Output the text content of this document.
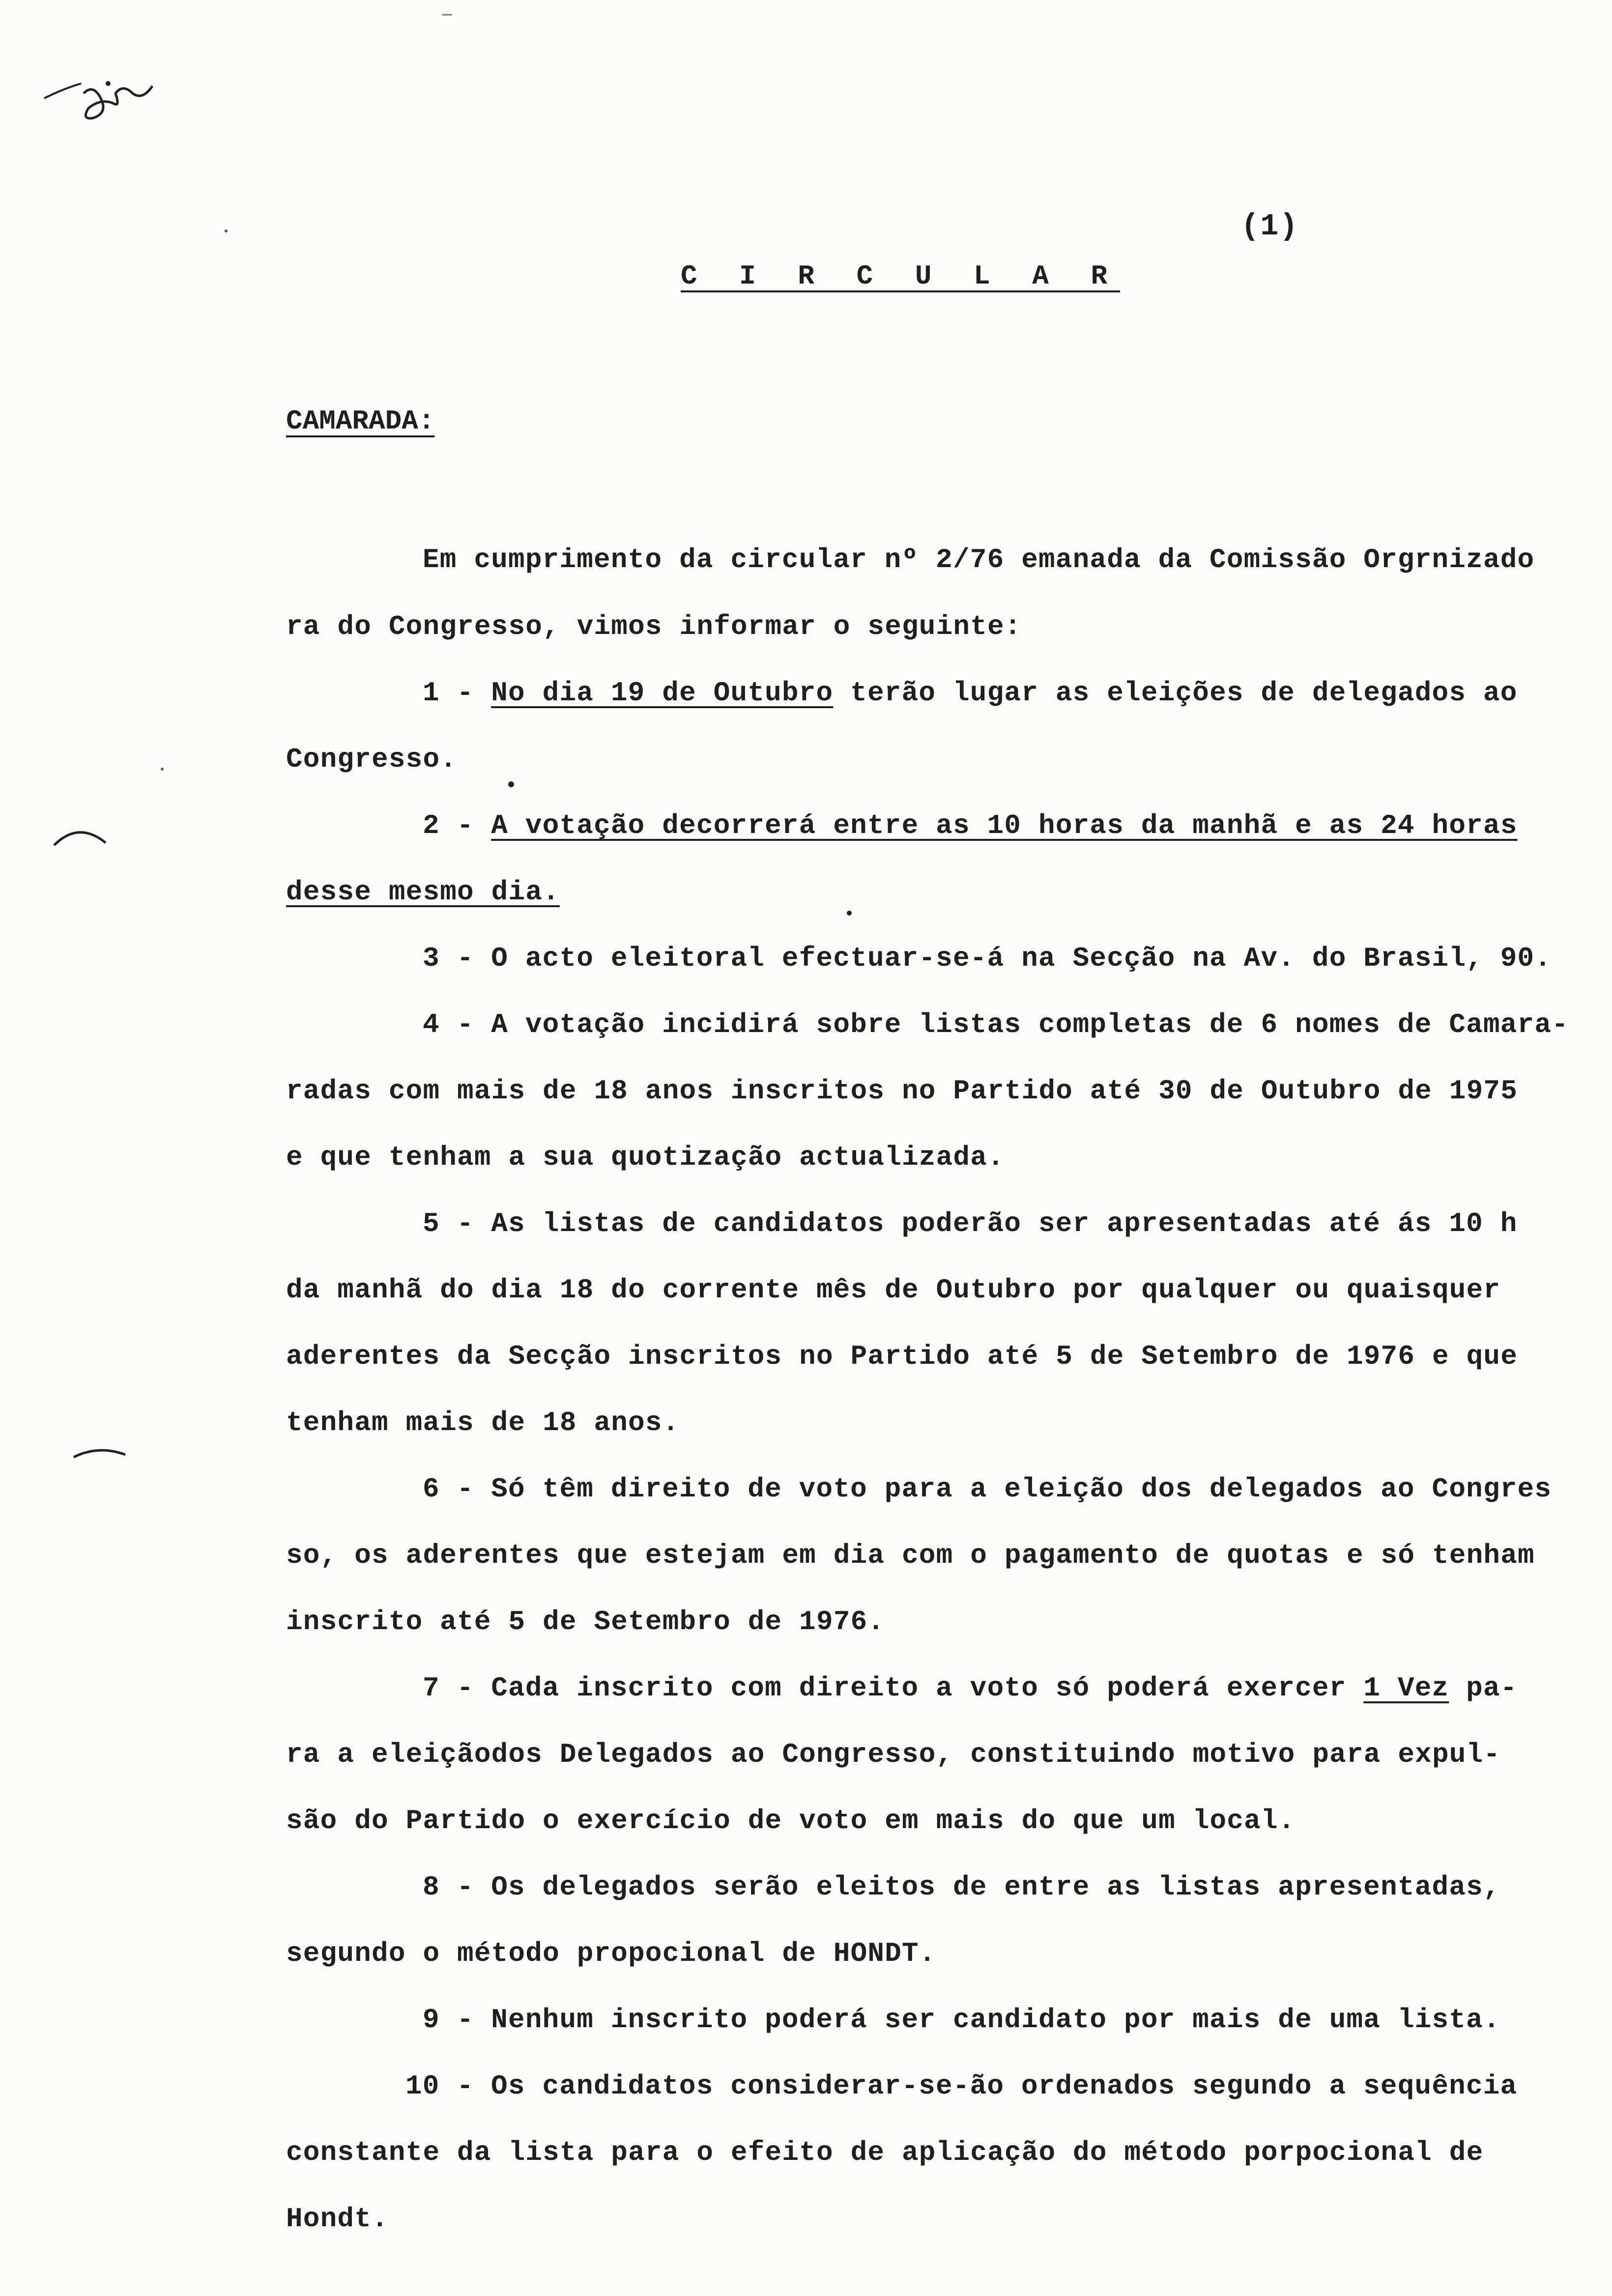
(1)
C I R C U L A R
CAMARADA:
Em cumprimento da circular nº 2/76 emanada da Comissão Orgrnizado
ra do Congresso, vimos informar o seguinte:
1 - No dia 19 de Outubro terão lugar as eleições de delegados ao
Congresso.
2 - A votação decorrerá entre as 10 horas da manhã e as 24 horas
desse mesmo dia.
3 - O acto eleitoral efectuar-se-á na Secção na Av. do Brasil, 90.
4 - A votação incidirá sobre listas completas de 6 nomes de Camara-
radas com mais de 18 anos inscritos no Partido até 30 de Outubro de 1975
e que tenham a sua quotização actualizada.
5 - As listas de candidatos poderão ser apresentadas até ás 10 h
da manhã do dia 18 do corrente mês de Outubro por qualquer ou quaisquer
aderentes da Secção inscritos no Partido até 5 de Setembro de 1976 e que
tenham mais de 18 anos.
6 - Só têm direito de voto para a eleição dos delegados ao Congres
so, os aderentes que estejam em dia com o pagamento de quotas e só tenham
inscrito até 5 de Setembro de 1976.
7 - Cada inscrito com direito a voto só poderá exercer 1 Vez pa-
ra a eleiçãodos Delegados ao Congresso, constituindo motivo para expul-
são do Partido o exercício de voto em mais do que um local.
8 - Os delegados serão eleitos de entre as listas apresentadas,
segundo o método propocional de HONDT.
9 - Nenhum inscrito poderá ser candidato por mais de uma lista.
10 - Os candidatos considerar-se-ão ordenados segundo a sequência
constante da lista para o efeito de aplicação do método porpocional de
Hondt.
